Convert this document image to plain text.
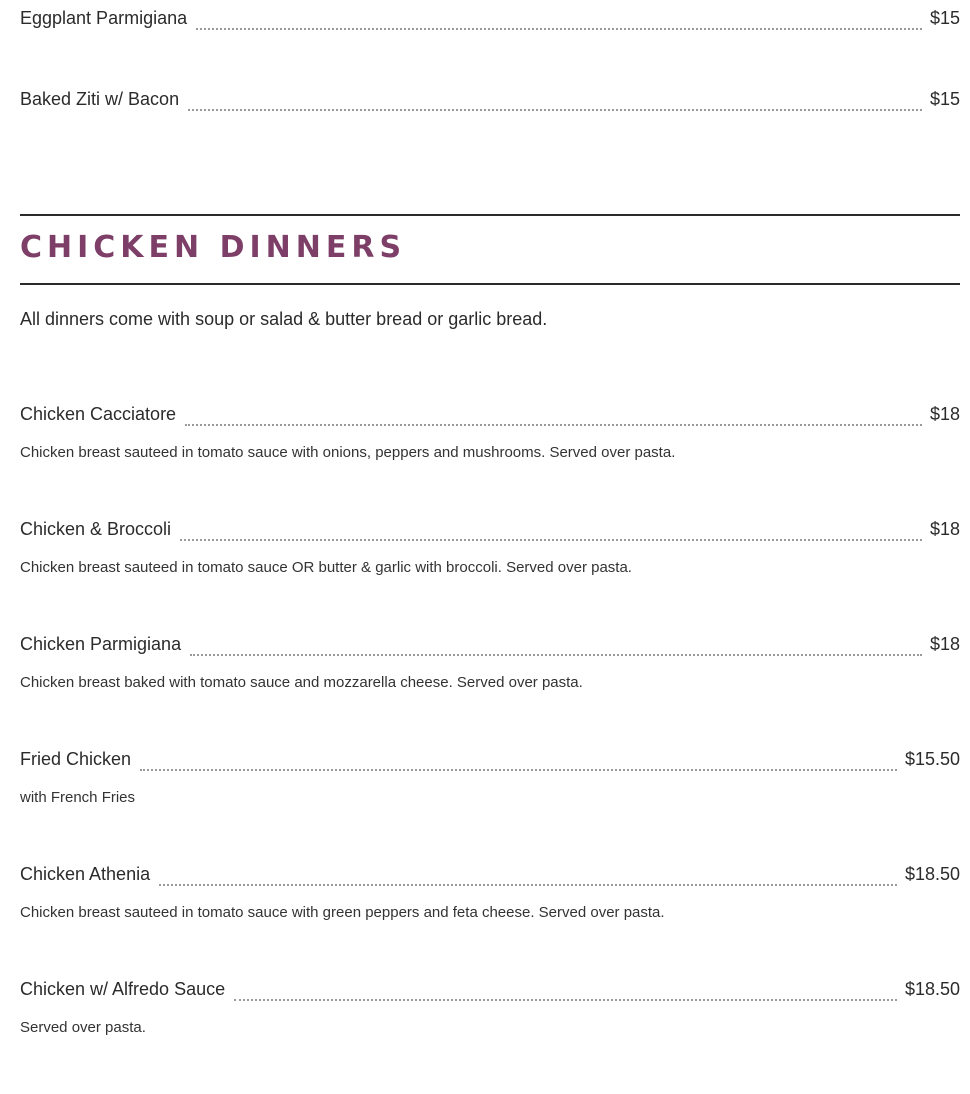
Eggplant Parmigiana	$15
Baked Ziti w/ Bacon	$15
CHICKEN DINNERS
All dinners come with soup or salad & butter bread or garlic bread.
Chicken Cacciatore	$18
Chicken breast sauteed in tomato sauce with onions, peppers and mushrooms. Served over pasta.
Chicken & Broccoli	$18
Chicken breast sauteed in tomato sauce OR butter & garlic with broccoli. Served over pasta.
Chicken Parmigiana	$18
Chicken breast baked with tomato sauce and mozzarella cheese. Served over pasta.
Fried Chicken	$15.50
with French Fries
Chicken Athenia	$18.50
Chicken breast sauteed in tomato sauce with green peppers and feta cheese. Served over pasta.
Chicken w/ Alfredo Sauce	$18.50
Served over pasta.
